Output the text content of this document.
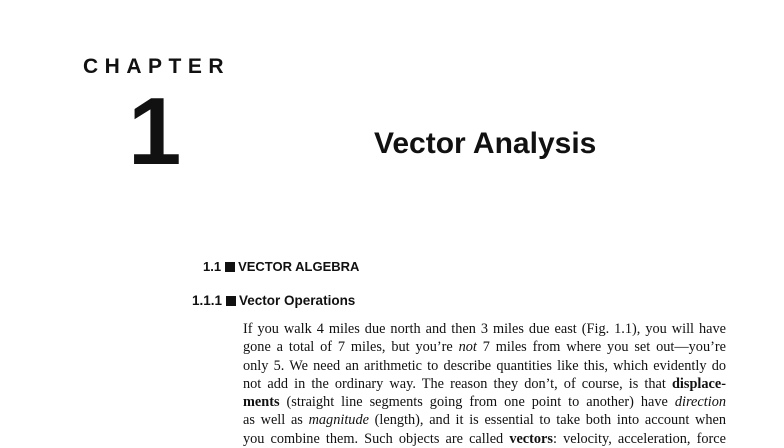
CHAPTER
1	Vector Analysis
1.1 VECTOR ALGEBRA
1.1.1 Vector Operations
If you walk 4 miles due north and then 3 miles due east (Fig. 1.1), you will have
gone a total of 7 miles, but you’re not 7 miles from where you set out—you’re
only 5. We need an arithmetic to describe quantities like this, which evidently do
not add in the ordinary way. The reason they don’t, of course, is that displace-
ments (straight line segments going from one point to another) have direction
as well as magnitude (length), and it is essential to take both into account when
you combine them. Such objects are called vectors: velocity, acceleration, force
